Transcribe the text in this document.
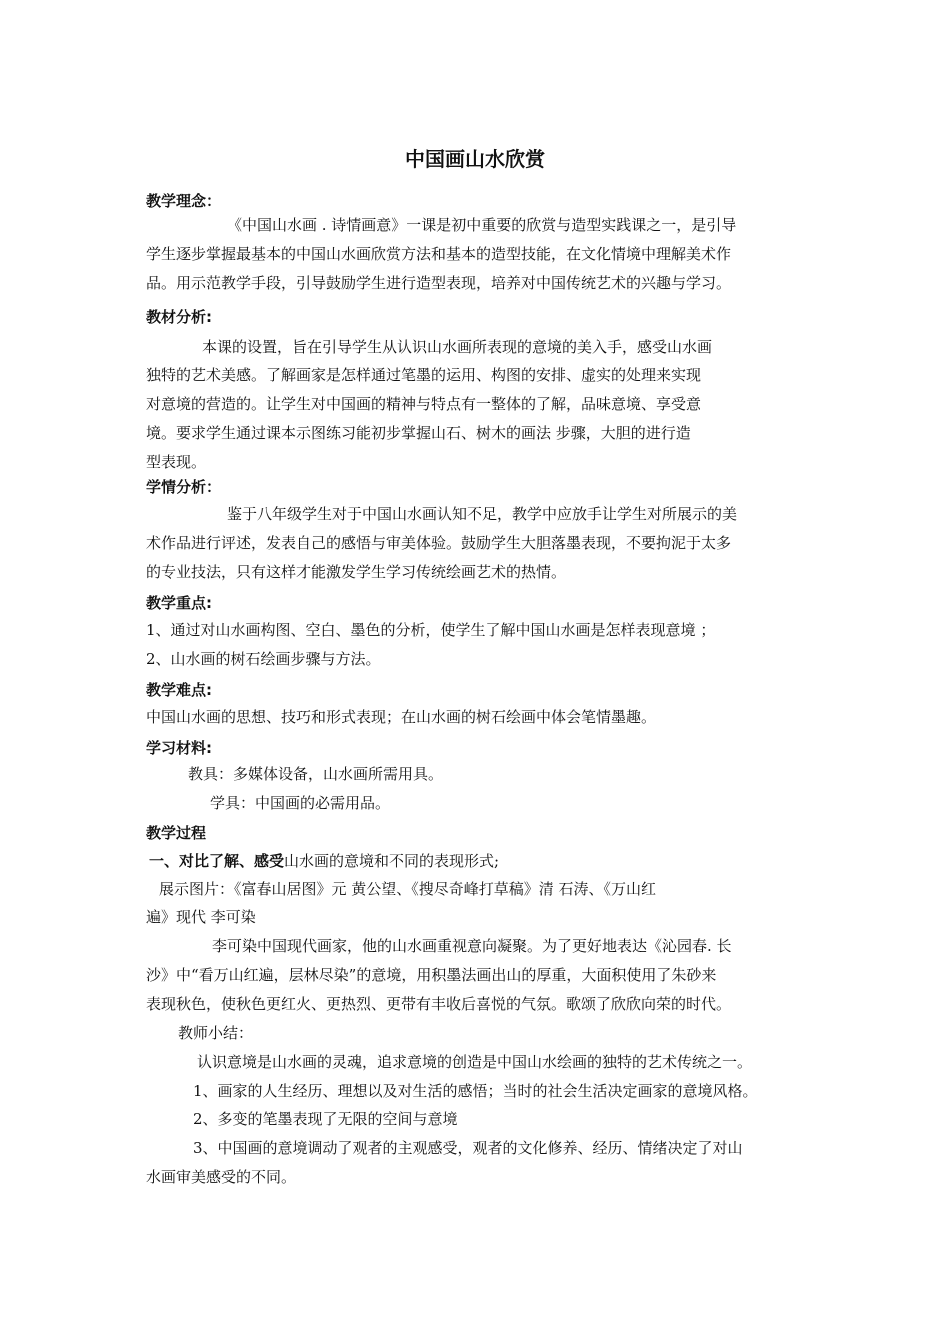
中国画山水欣赏
教学理念：
《中国山水画 . 诗情画意》一课是初中重要的欣赏与造型实践课之一，是引导
学生逐步掌握最基本的中国山水画欣赏方法和基本的造型技能，在文化情境中理解美术作
品。用示范教学手段，引导鼓励学生进行造型表现，培养对中国传统艺术的兴趣与学习。
教材分析:
本课的设置，旨在引导学生从认识山水画所表现的意境的美入手，感受山水画
独特的艺术美感。了解画家是怎样通过笔墨的运用、构图的安排、虚实的处理来实现
对意境的营造的。让学生对中国画的精神与特点有一整体的了解，品味意境、享受意
境。要求学生通过课本示图练习能初步掌握山石、树木的画法 步骤，大胆的进行造
型表现。
学情分析：
鉴于八年级学生对于中国山水画认知不足，教学中应放手让学生对所展示的美
术作品进行评述，发表自己的感悟与审美体验。鼓励学生大胆落墨表现，不要拘泥于太多
的专业技法，只有这样才能激发学生学习传统绘画艺术的热情。
教学重点:
1、通过对山水画构图、空白、墨色的分析，使学生了解中国山水画是怎样表现意境 ；
2、山水画的树石绘画步骤与方法。
教学难点:
中国山水画的思想、技巧和形式表现；在山水画的树石绘画中体会笔情墨趣。
学习材料:
教具：多媒体设备，山水画所需用具。
学具：中国画的必需用品。
教学过程
一、对比了解、感受山水画的意境和不同的表现形式;
展示图片：《富春山居图》元 黄公望、《搜尽奇峰打草稿》清 石涛、《万山红
遍》现代 李可染
李可染中国现代画家，他的山水画重视意向凝聚。为了更好地表达《沁园春. 长
沙》中“看万山红遍，层林尽染”的意境，用积墨法画出山的厚重，大面积使用了朱砂来
表现秋色，使秋色更红火、更热烈、更带有丰收后喜悦的气氛。歌颂了欣欣向荣的时代。
教师小结：
认识意境是山水画的灵魂，追求意境的创造是中国山水绘画的独特的艺术传统之一。
1、画家的人生经历、理想以及对生活的感悟；当时的社会生活决定画家的意境风格。
2、多变的笔墨表现了无限的空间与意境
3、中国画的意境调动了观者的主观感受，观者的文化修养、经历、情绪决定了对山
水画审美感受的不同。
